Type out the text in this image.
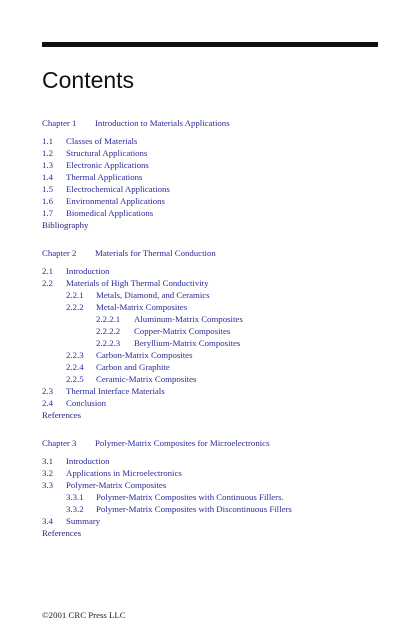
Contents
Chapter 1 Introduction to Materials Applications
1.1 Classes of Materials
1.2 Structural Applications
1.3 Electronic Applications
1.4 Thermal Applications
1.5 Electrochemical Applications
1.6 Environmental Applications
1.7 Biomedical Applications
Bibliography
Chapter 2 Materials for Thermal Conduction
2.1 Introduction
2.2 Materials of High Thermal Conductivity
2.2.1 Metals, Diamond, and Ceramics
2.2.2 Metal-Matrix Composites
2.2.2.1 Aluminum-Matrix Composites
2.2.2.2 Copper-Matrix Composites
2.2.2.3 Beryllium-Matrix Composites
2.2.3 Carbon-Matrix Composites
2.2.4 Carbon and Graphite
2.2.5 Ceramic-Matrix Composites
2.3 Thermal Interface Materials
2.4 Conclusion
References
Chapter 3 Polymer-Matrix Composites for Microelectronics
3.1 Introduction
3.2 Applications in Microelectronics
3.3 Polymer-Matrix Composites
3.3.1 Polymer-Matrix Composites with Continuous Fillers.
3.3.2 Polymer-Matrix Composites with Discontinuous Fillers
3.4 Summary
References
©2001 CRC Press LLC
